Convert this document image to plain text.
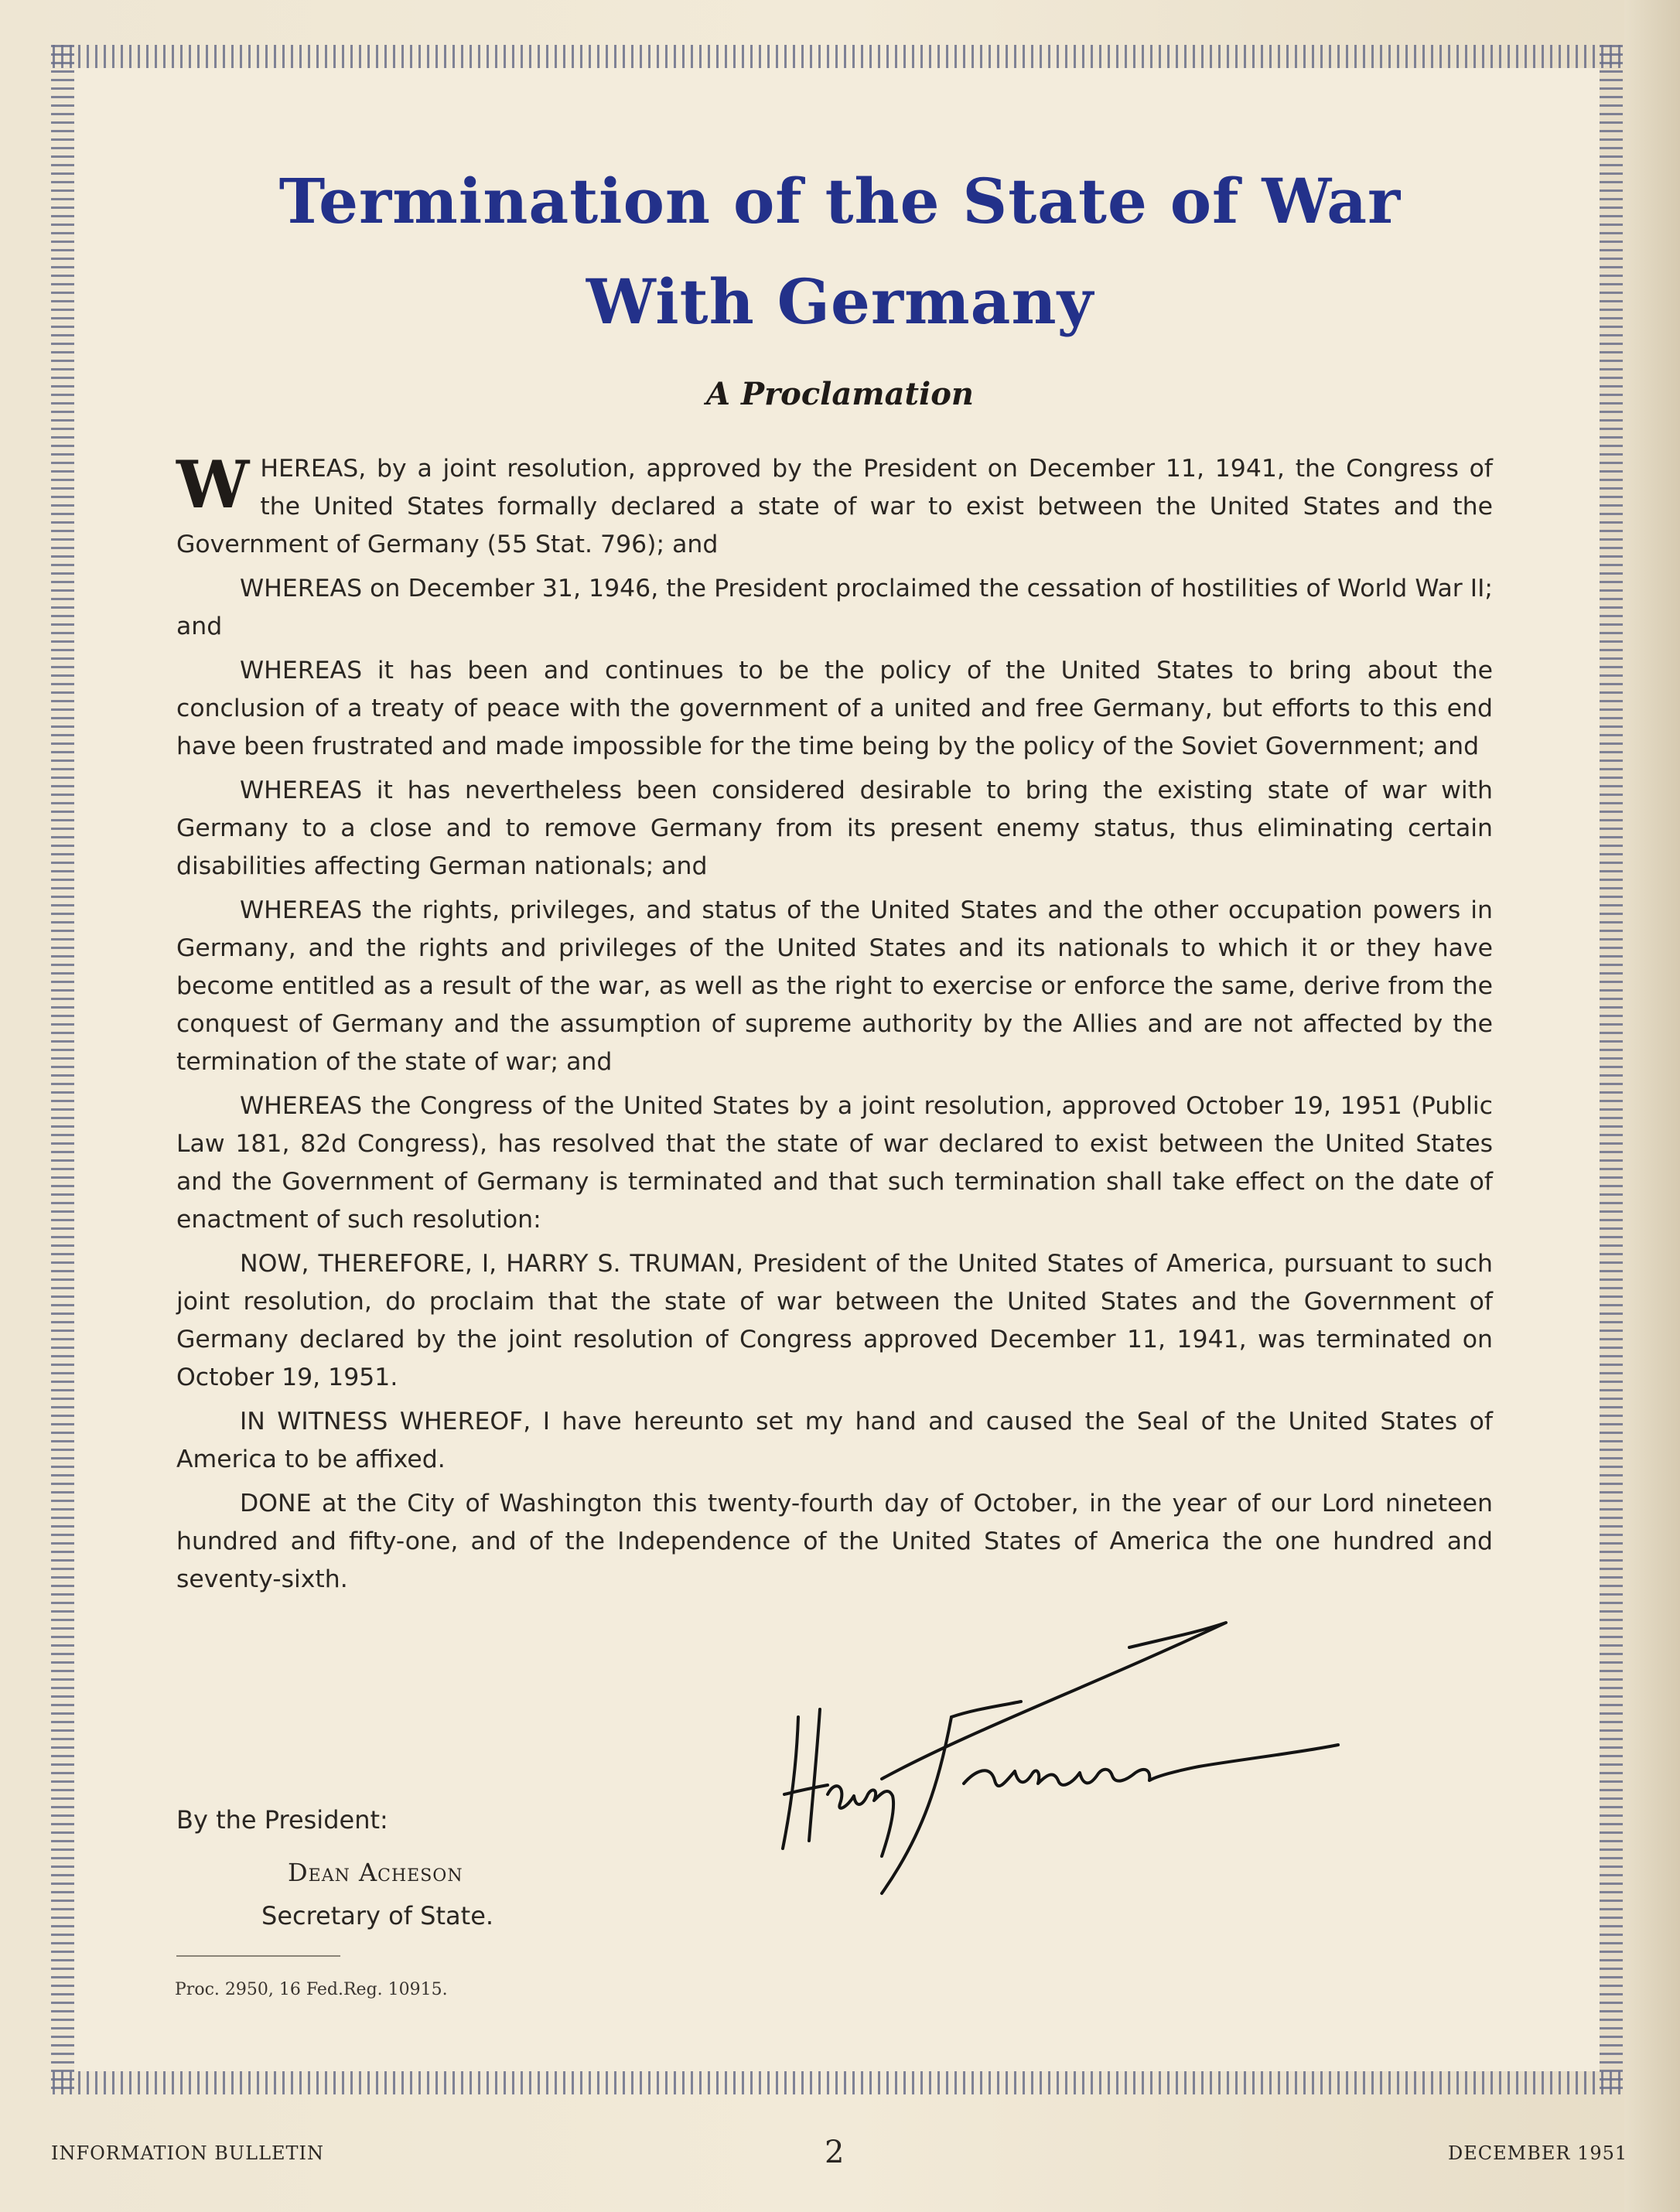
Termination of the State of War
With Germany
A Proclamation

WHEREAS, by a joint resolution, approved by the President on December 11, 1941, the Congress of the United States formally declared a state of war to exist between the United States and the Government of Germany (55 Stat. 796); and

WHEREAS on December 31, 1946, the President proclaimed the cessation of hostilities of World War II; and

WHEREAS it has been and continues to be the policy of the United States to bring about the conclusion of a treaty of peace with the government of a united and free Germany, but efforts to this end have been frustrated and made impossible for the time being by the policy of the Soviet Government; and

WHEREAS it has nevertheless been considered desirable to bring the existing state of war with Germany to a close and to remove Germany from its present enemy status, thus eliminating certain disabilities affecting German nationals; and

WHEREAS the rights, privileges, and status of the United States and the other occupation powers in Germany, and the rights and privileges of the United States and its nationals to which it or they have become entitled as a result of the war, as well as the right to exercise or enforce the same, derive from the conquest of Germany and the assumption of supreme authority by the Allies and are not affected by the termination of the state of war; and

WHEREAS the Congress of the United States by a joint resolution, approved October 19, 1951 (Public Law 181, 82d Congress), has resolved that the state of war declared to exist between the United States and the Government of Germany is terminated and that such termination shall take effect on the date of enactment of such resolution:

NOW, THEREFORE, I, HARRY S. TRUMAN, President of the United States of America, pursuant to such joint resolution, do proclaim that the state of war between the United States and the Government of Germany declared by the joint resolution of Congress approved December 11, 1941, was terminated on October 19, 1951.

IN WITNESS WHEREOF, I have hereunto set my hand and caused the Seal of the United States of America to be affixed.

DONE at the City of Washington this twenty-fourth day of October, in the year of our Lord nineteen hundred and fifty-one, and of the Independence of the United States of America the one hundred and seventy-sixth.

By the President:

Dean Acheson

Secretary of State.

Proc. 2950, 16 Fed.Reg. 10915.

INFORMATION BULLETIN	2	DECEMBER 1951
